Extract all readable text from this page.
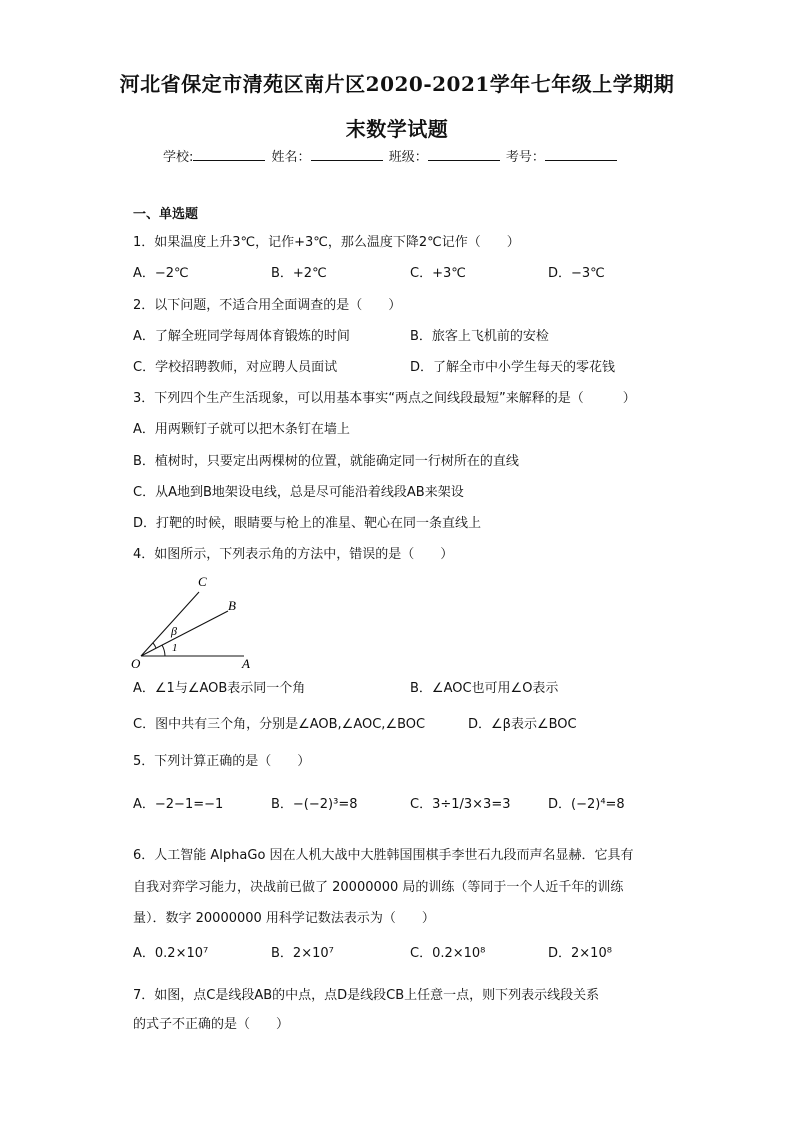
河北省保定市清苑区南片区2020-2021学年七年级上学期期
末数学试题
学校:	姓名：	班级：	考号：
一、单选题
1．如果温度上升3℃，记作+3℃，那么温度下降2℃记作（　　）
A．−2℃	B．+2℃	C．+3℃	D．−3℃
2．以下问题，不适合用全面调查的是（　　）
A．了解全班同学每周体育锻炼的时间	B．旅客上飞机前的安检
C．学校招聘教师，对应聘人员面试	D．了解全市中小学生每天的零花钱
3．下列四个生产生活现象，可以用基本事实“两点之间线段最短”来解释的是（　　　）
A．用两颗钉子就可以把木条钉在墙上
B．植树时，只要定出两棵树的位置，就能确定同一行树所在的直线
C．从A地到B地架设电线，总是尽可能沿着线段AB来架设
D．打靶的时候，眼睛要与枪上的准星、靶心在同一条直线上
4．如图所示，下列表示角的方法中，错误的是（　　）
C
B
β
1
O	A
A．∠1与∠AOB表示同一个角	B．∠AOC也可用∠O表示
C．图中共有三个角，分别是∠AOB,∠AOC,∠BOC	D．∠β表示∠BOC
5．下列计算正确的是（　　）
A．−2−1=−1	B．−(−2)³=8	C．3÷1/3×3=3	D．(−2)⁴=8
6．人工智能 AlphaGo 因在人机大战中大胜韩国围棋手李世石九段而声名显赫．它具有
自我对弈学习能力，决战前已做了 20000000 局的训练（等同于一个人近千年的训练
量）．数字 20000000 用科学记数法表示为（　　）
A．0.2×10⁷	B．2×10⁷	C．0.2×10⁸	D．2×10⁸
7．如图，点C是线段AB的中点，点D是线段CB上任意一点，则下列表示线段关系
的式子不正确的是（　　）
